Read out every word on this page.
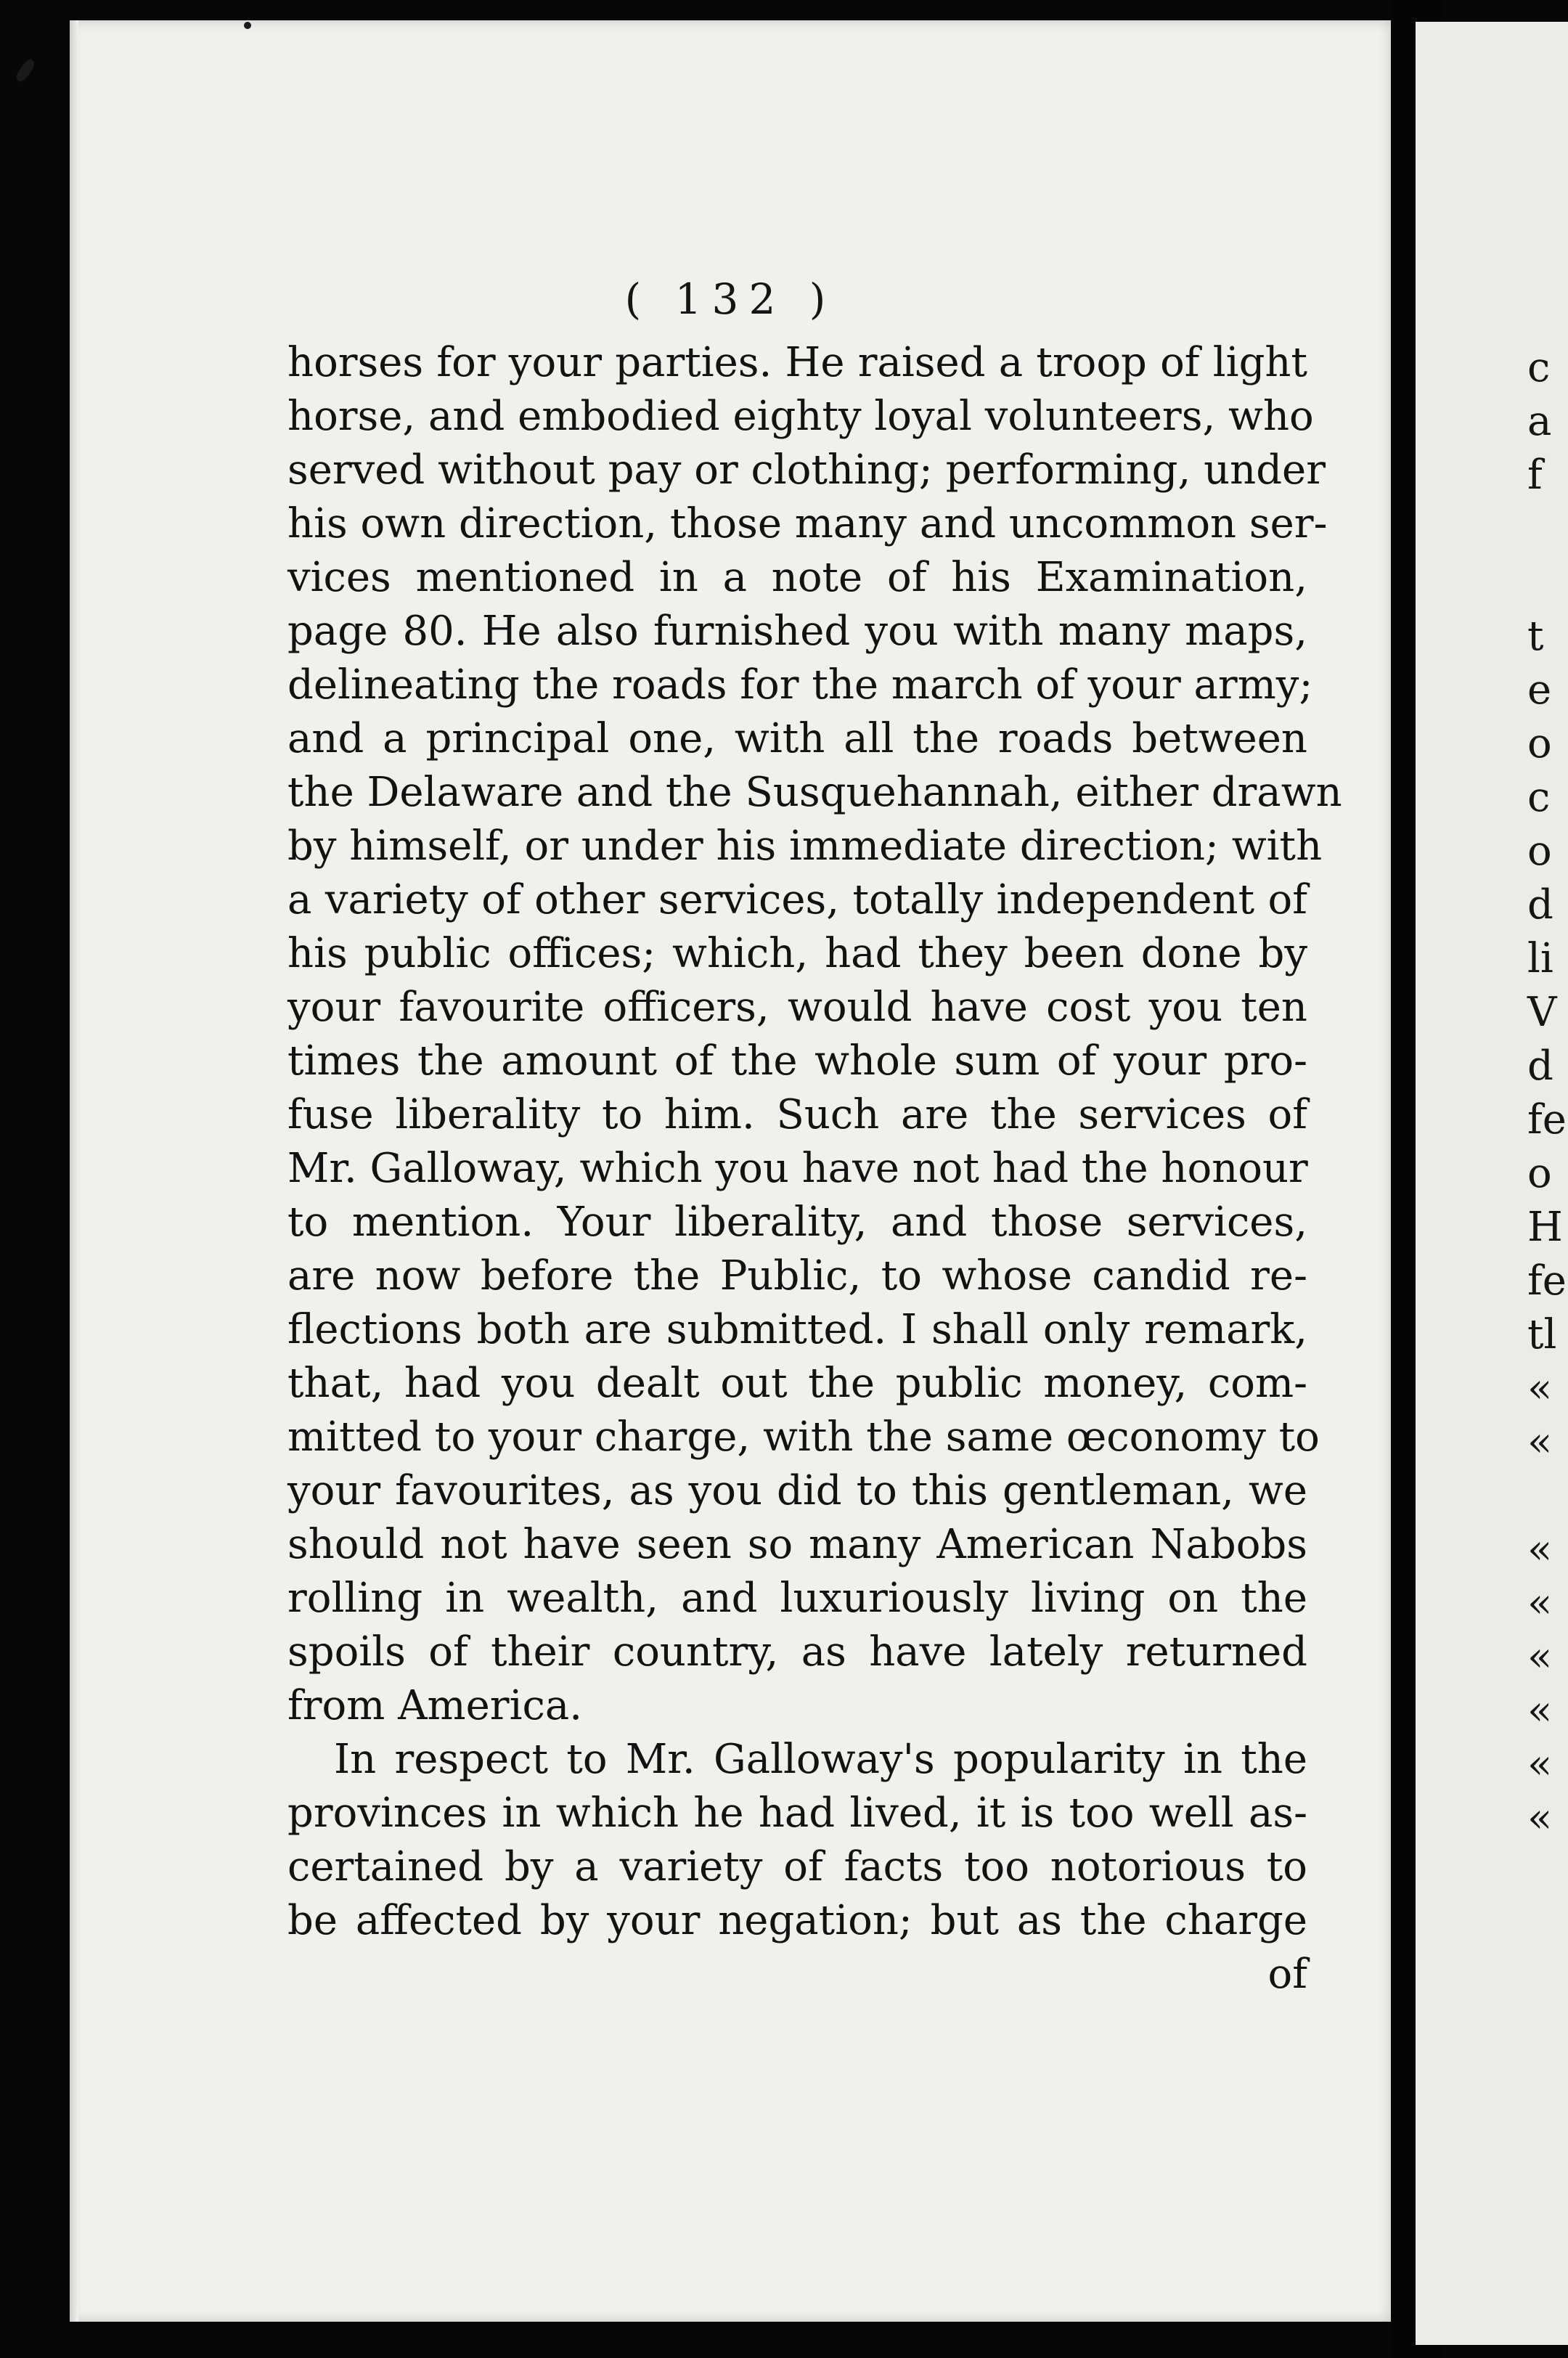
( 132 )
horses for your parties. He raised a troop of light
horse, and embodied eighty loyal volunteers, who
served without pay or clothing; performing, under
his own direction, those many and uncommon ser-
vices mentioned in a note of his Examination,
page 80. He also furnished you with many maps,
delineating the roads for the march of your army;
and a principal one, with all the roads between
the Delaware and the Susquehannah, either drawn
by himself, or under his immediate direction; with
a variety of other services, totally independent of
his public offices; which, had they been done by
your favourite officers, would have cost you ten
times the amount of the whole sum of your pro-
fuse liberality to him. Such are the services of
Mr. Galloway, which you have not had the honour
to mention. Your liberality, and those services,
are now before the Public, to whose candid re-
flections both are submitted. I shall only remark,
that, had you dealt out the public money, com-
mitted to your charge, with the same œconomy to
your favourites, as you did to this gentleman, we
should not have seen so many American Nabobs
rolling in wealth, and luxuriously living on the
spoils of their country, as have lately returned
from America.
In respect to Mr. Galloway's popularity in the
provinces in which he had lived, it is too well as-
certained by a variety of facts too notorious to
be affected by your negation; but as the charge
of
c
a
f
t
e
o
c
o
d
li
V
d
fe
o
H
fe
tl
«
«
«
«
«
«
«
«
